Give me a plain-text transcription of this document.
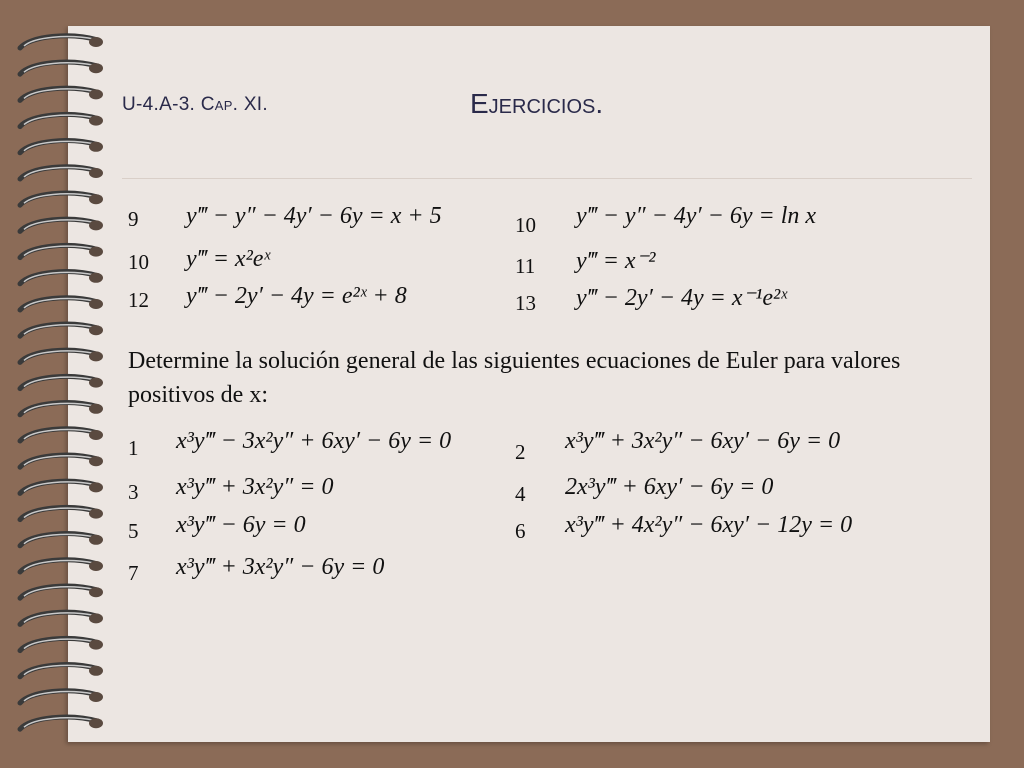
U-4.A-3. Cap. XI.	Ejercicios.
9 y‴ − y″ − 4y′ − 6y = x + 5	10 y‴ − y″ − 4y′ − 6y = ln x
10 y‴ = x²eˣ	11 y‴ = x⁻²
12 y‴ − 2y′ − 4y = e²ˣ + 8	13 y‴ − 2y′ − 4y = x⁻¹e²ˣ
Determine la solución general de las siguientes ecuaciones de Euler para valores positivos de x:
1 x³y‴ − 3x²y″ + 6xy′ − 6y = 0	2 x³y‴ + 3x²y″ − 6xy′ − 6y = 0
3 x³y‴ + 3x²y″ = 0	4 2x³y‴ + 6xy′ − 6y = 0
5 x³y‴ − 6y = 0	6 x³y‴ + 4x²y″ − 6xy′ − 12y = 0
7 x³y‴ + 3x²y″ − 6y = 0
